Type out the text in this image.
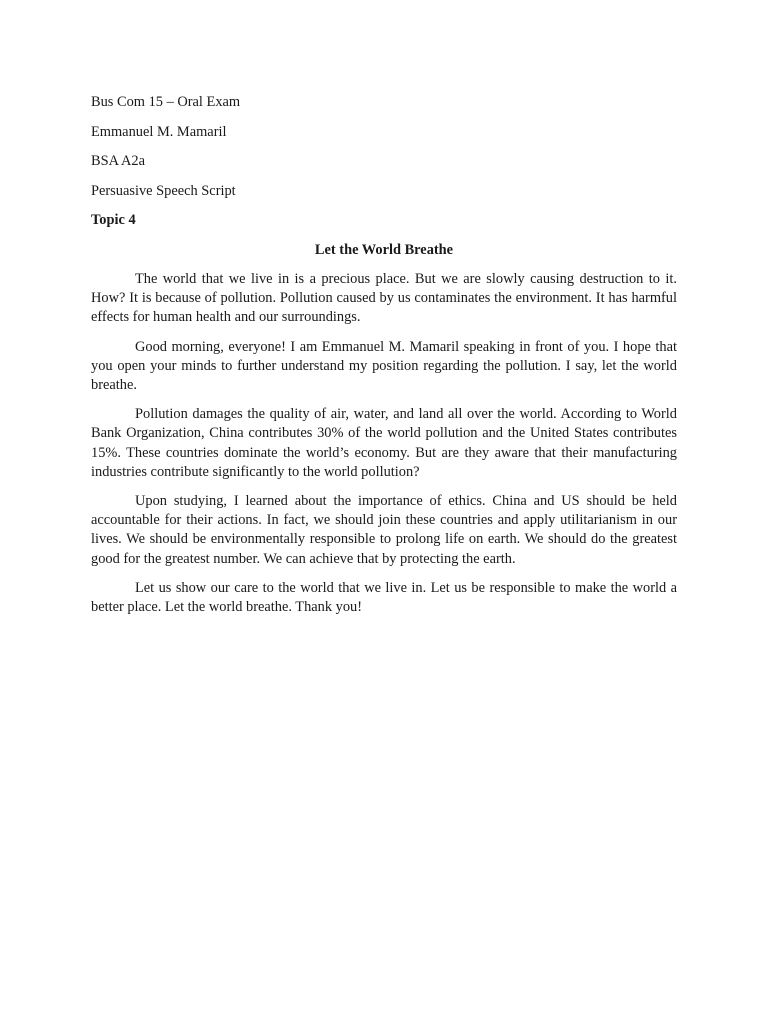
Bus Com 15 – Oral Exam

Emmanuel M. Mamaril

BSA A2a

Persuasive Speech Script

Topic 4

Let the World Breathe

The world that we live in is a precious place. But we are slowly causing destruction to it. How? It is because of pollution. Pollution caused by us contaminates the environment. It has harmful effects for human health and our surroundings.

Good morning, everyone! I am Emmanuel M. Mamaril speaking in front of you. I hope that you open your minds to further understand my position regarding the pollution. I say, let the world breathe.

Pollution damages the quality of air, water, and land all over the world. According to World Bank Organization, China contributes 30% of the world pollution and the United States contributes 15%. These countries dominate the world’s economy. But are they aware that their manufacturing industries contribute significantly to the world pollution?

Upon studying, I learned about the importance of ethics. China and US should be held accountable for their actions. In fact, we should join these countries and apply utilitarianism in our lives. We should be environmentally responsible to prolong life on earth. We should do the greatest good for the greatest number. We can achieve that by protecting the earth.

Let us show our care to the world that we live in. Let us be responsible to make the world a better place. Let the world breathe. Thank you!
